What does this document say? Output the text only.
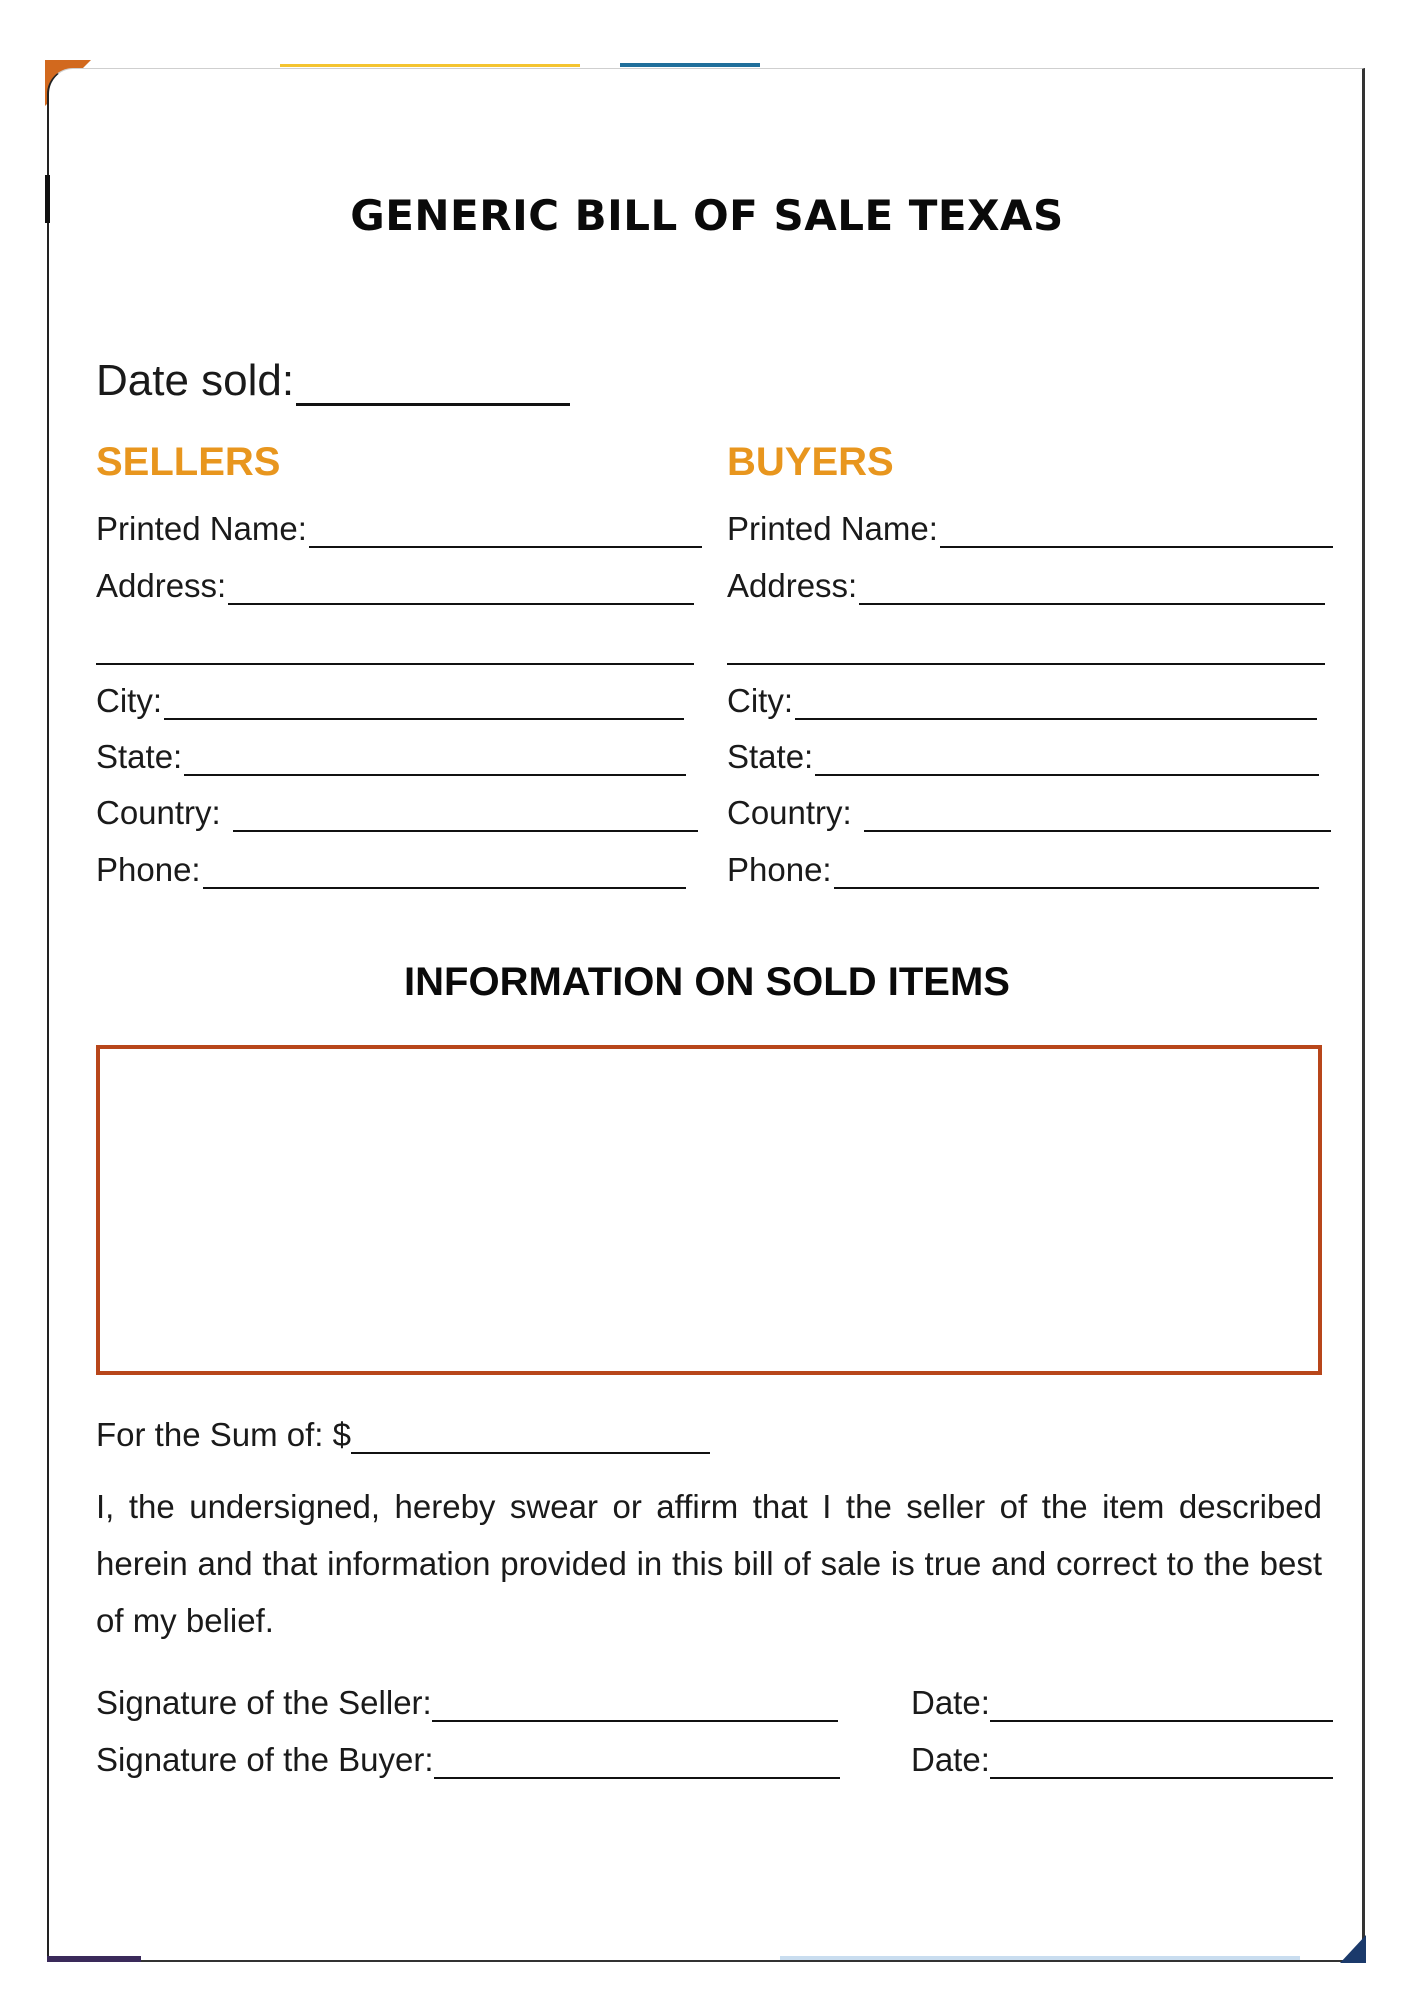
GENERIC BILL OF SALE TEXAS
Date sold:
SELLERS
Printed Name:
Address:
City:
State:
Country:
Phone:
BUYERS
Printed Name:
Address:
City:
State:
Country:
Phone:
INFORMATION ON SOLD ITEMS
For the Sum of: $

I, the undersigned, hereby swear or affirm that I the seller of the item described herein and that information provided in this bill of sale is true and correct to the best of my belief.

Signature of the Seller:	Date:
Signature of the Buyer:	Date:
